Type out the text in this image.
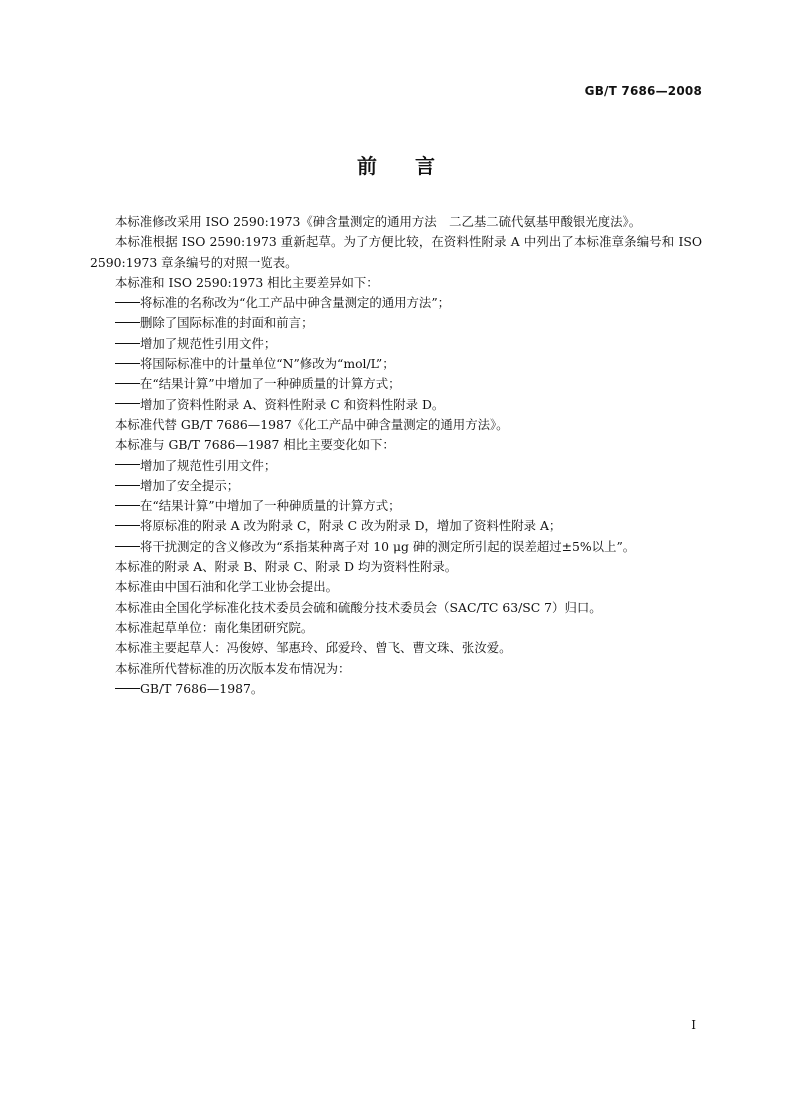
GB/T 7686—2008
前言

本标准修改采用 ISO 2590:1973《砷含量测定的通用方法　二乙基二硫代氨基甲酸银光度法》。

本标准根据 ISO 2590:1973 重新起草。为了方便比较，在资料性附录 A 中列出了本标准章条编号和 ISO 2590:1973 章条编号的对照一览表。

本标准和 ISO 2590:1973 相比主要差异如下：

将标准的名称改为“化工产品中砷含量测定的通用方法”；

删除了国际标准的封面和前言；

增加了规范性引用文件；

将国际标准中的计量单位“N”修改为“mol/L”；

在“结果计算”中增加了一种砷质量的计算方式；

增加了资料性附录 A、资料性附录 C 和资料性附录 D。

本标准代替 GB/T 7686—1987《化工产品中砷含量测定的通用方法》。

本标准与 GB/T 7686—1987 相比主要变化如下：

增加了规范性引用文件；

增加了安全提示；

在“结果计算”中增加了一种砷质量的计算方式；

将原标准的附录 A 改为附录 C，附录 C 改为附录 D，增加了资料性附录 A；

将干扰测定的含义修改为“系指某种离子对 10 μg 砷的测定所引起的误差超过±5%以上”。

本标准的附录 A、附录 B、附录 C、附录 D 均为资料性附录。

本标准由中国石油和化学工业协会提出。

本标准由全国化学标准化技术委员会硫和硫酸分技术委员会（SAC/TC 63/SC 7）归口。

本标准起草单位：南化集团研究院。

本标准主要起草人：冯俊婷、邹惠玲、邱爱玲、曾飞、曹文珠、张汝爱。

本标准所代替标准的历次版本发布情况为：

GB/T 7686—1987。

I
